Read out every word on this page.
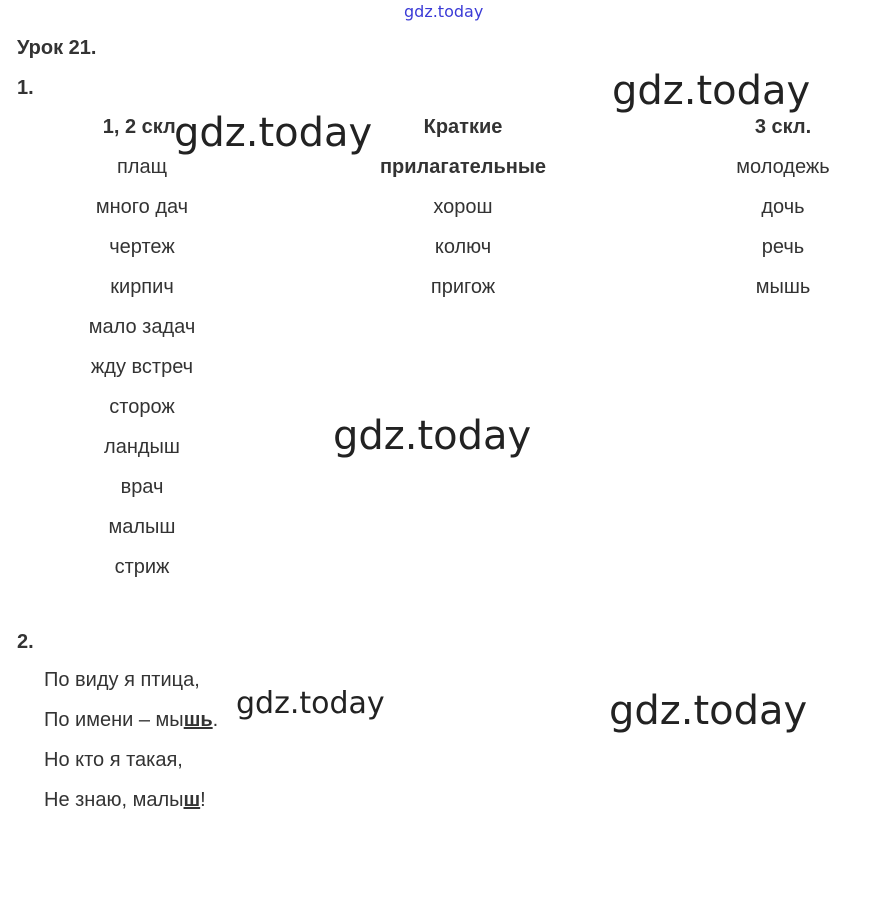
gdz.today
Урок 21.
1.
1, 2 скл.
плащ
много дач
чертеж
кирпич
мало задач
жду встреч
сторож
ландыш
врач
малыш
стриж
Краткие
прилагательные
хорош
колюч
пригож
3 скл.
молодежь
дочь
речь
мышь
2.
По виду я птица,
По имени – мышь.
Но кто я такая,
Не знаю, малыш!
gdz.today
gdz.today
gdz.today
gdz.today	gdz.today
